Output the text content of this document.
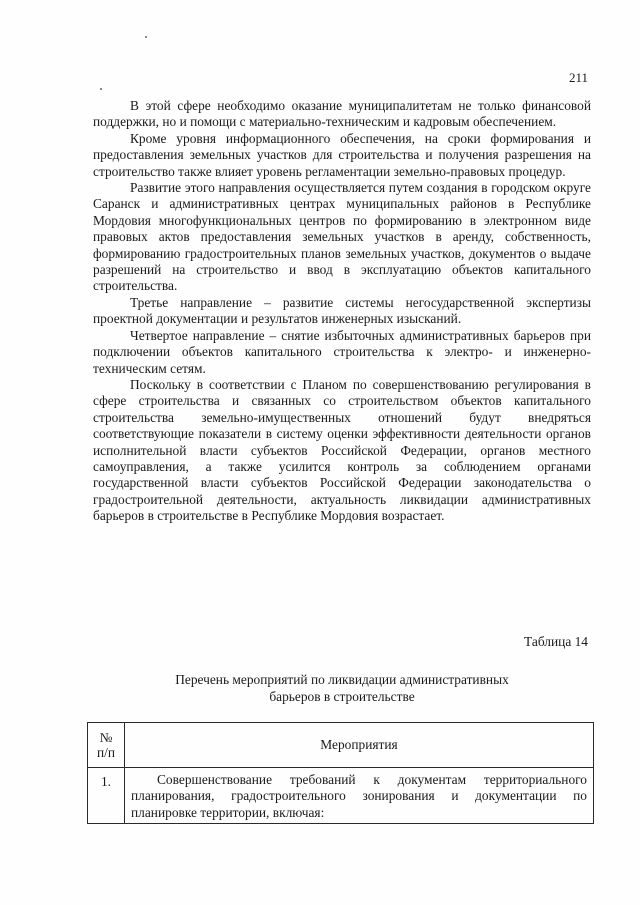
211

В этой сфере необходимо оказание муниципалитетам не только финансовой поддержки, но и помощи с материально-техническим и кадровым обеспечением.

Кроме уровня информационного обеспечения, на сроки формирования и предоставления земельных участков для строительства и получения разрешения на строительство также влияет уровень регламентации земельно-правовых процедур.

Развитие этого направления осуществляется путем создания в городском округе Саранск и административных центрах муниципальных районов в Республике Мордовия многофункциональных центров по формированию в электронном виде правовых актов предоставления земельных участков в аренду, собственность, формированию градостроительных планов земельных участков, документов о выдаче разрешений на строительство и ввод в эксплуатацию объектов капитального строительства.

Третье направление – развитие системы негосударственной экспертизы проектной документации и результатов инженерных изысканий.

Четвертое направление – снятие избыточных административных барьеров при подключении объектов капитального строительства к электро- и инженерно-техническим сетям.

Поскольку в соответствии с Планом по совершенствованию регулирования в сфере строительства и связанных со строительством объектов капитального строительства земельно-имущественных отношений будут внедряться соответствующие показатели в систему оценки эффективности деятельности органов исполнительной власти субъектов Российской Федерации, органов местного самоуправления, а также усилится контроль за соблюдением органами государственной власти субъектов Российской Федерации законодательства о градостроительной деятельности, актуальность ликвидации административных барьеров в строительстве в Республике Мордовия возрастает.

Таблица 14
Перечень мероприятий по ликвидации административных
барьеров в строительстве
№
п/п	Мероприятия
1.	Совершенствование требований к документам территориального планирования, градостроительного зонирования и документации по планировке территории, включая:
